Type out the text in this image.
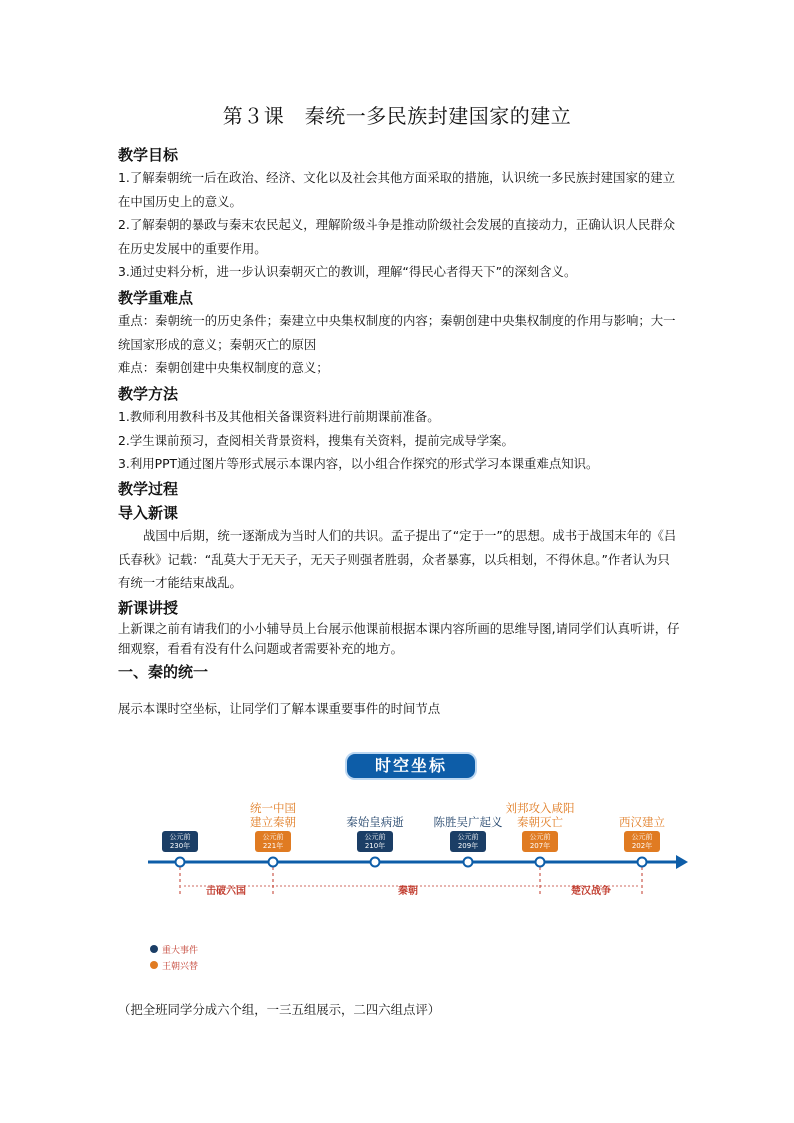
第３课　秦统一多民族封建国家的建立
教学目标
1.了解秦朝统一后在政治、经济、文化以及社会其他方面采取的措施，认识统一多民族封建国家的建立在中国历史上的意义。
2.了解秦朝的暴政与秦末农民起义，理解阶级斗争是推动阶级社会发展的直接动力，正确认识人民群众在历史发展中的重要作用。
3.通过史料分析，进一步认识秦朝灭亡的教训，理解“得民心者得天下”的深刻含义。
教学重难点
重点：秦朝统一的历史条件；秦建立中央集权制度的内容；秦朝创建中央集权制度的作用与影响；大一统国家形成的意义；秦朝灭亡的原因
难点：秦朝创建中央集权制度的意义；
教学方法
1.教师利用教科书及其他相关备课资料进行前期课前准备。
2.学生课前预习，查阅相关背景资料，搜集有关资料，提前完成导学案。
3.利用PPT通过图片等形式展示本课内容，以小组合作探究的形式学习本课重难点知识。
教学过程
导入新课
战国中后期，统一逐渐成为当时人们的共识。孟子提出了“定于一”的思想。成书于战国末年的《吕氏春秋》记载：“乱莫大于无天子，无天子则强者胜弱，众者暴寡，以兵相刬，不得休息。”作者认为只有统一才能结束战乱。
新课讲授
上新课之前有请我们的小小辅导员上台展示他课前根据本课内容所画的思维导图,请同学们认真听讲，仔细观察，看看有没有什么问题或者需要补充的地方。
一、秦的统一
展示本课时空坐标，让同学们了解本课重要事件的时间节点
时空坐标
公元前
230年
公元前
221年
统一中国
建立秦朝
公元前
210年
秦始皇病逝
公元前
209年
陈胜吴广起义
公元前
207年
刘邦攻入咸阳
秦朝灭亡
公元前
202年
西汉建立
击破六国	秦朝	楚汉战争
重大事件
王朝兴替
（把全班同学分成六个组，一三五组展示，二四六组点评）
